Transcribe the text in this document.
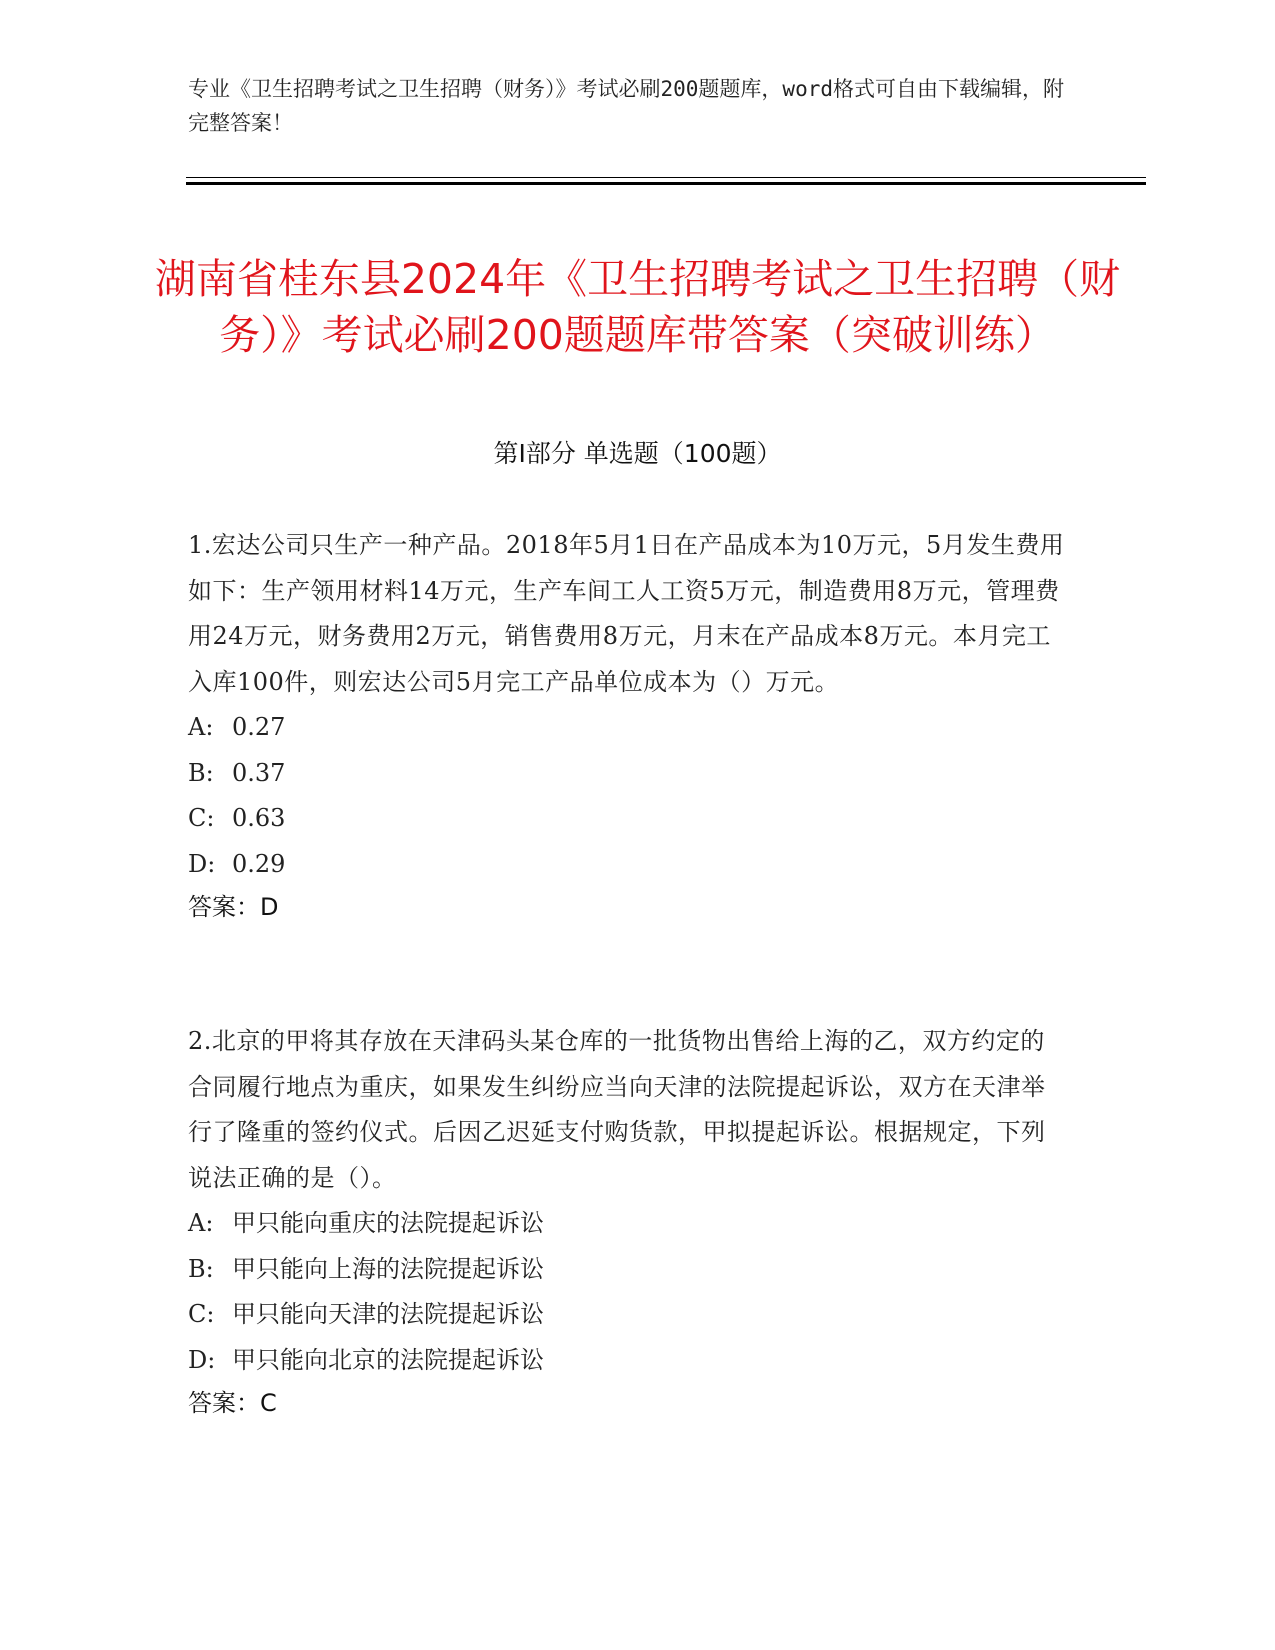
专业《卫生招聘考试之卫生招聘（财务）》考试必刷200题题库，word格式可自由下载编辑，附完整答案！
湖南省桂东县2024年《卫生招聘考试之卫生招聘（财务）》考试必刷200题题库带答案（突破训练）
第Ⅰ部分 单选题（100题）
1.宏达公司只生产一种产品。2018年5月1日在产品成本为10万元，5月发生费用如下：生产领用材料14万元，生产车间工人工资5万元，制造费用8万元，管理费用24万元，财务费用2万元，销售费用8万元，月末在产品成本8万元。本月完工入库100件，则宏达公司5月完工产品单位成本为（）万元。
A: 0.27
B: 0.37
C: 0.63
D: 0.29
答案：D
2.北京的甲将其存放在天津码头某仓库的一批货物出售给上海的乙，双方约定的合同履行地点为重庆，如果发生纠纷应当向天津的法院提起诉讼，双方在天津举行了隆重的签约仪式。后因乙迟延支付购货款，甲拟提起诉讼。根据规定，下列说法正确的是（）。
A: 甲只能向重庆的法院提起诉讼
B: 甲只能向上海的法院提起诉讼
C: 甲只能向天津的法院提起诉讼
D: 甲只能向北京的法院提起诉讼
答案：C
